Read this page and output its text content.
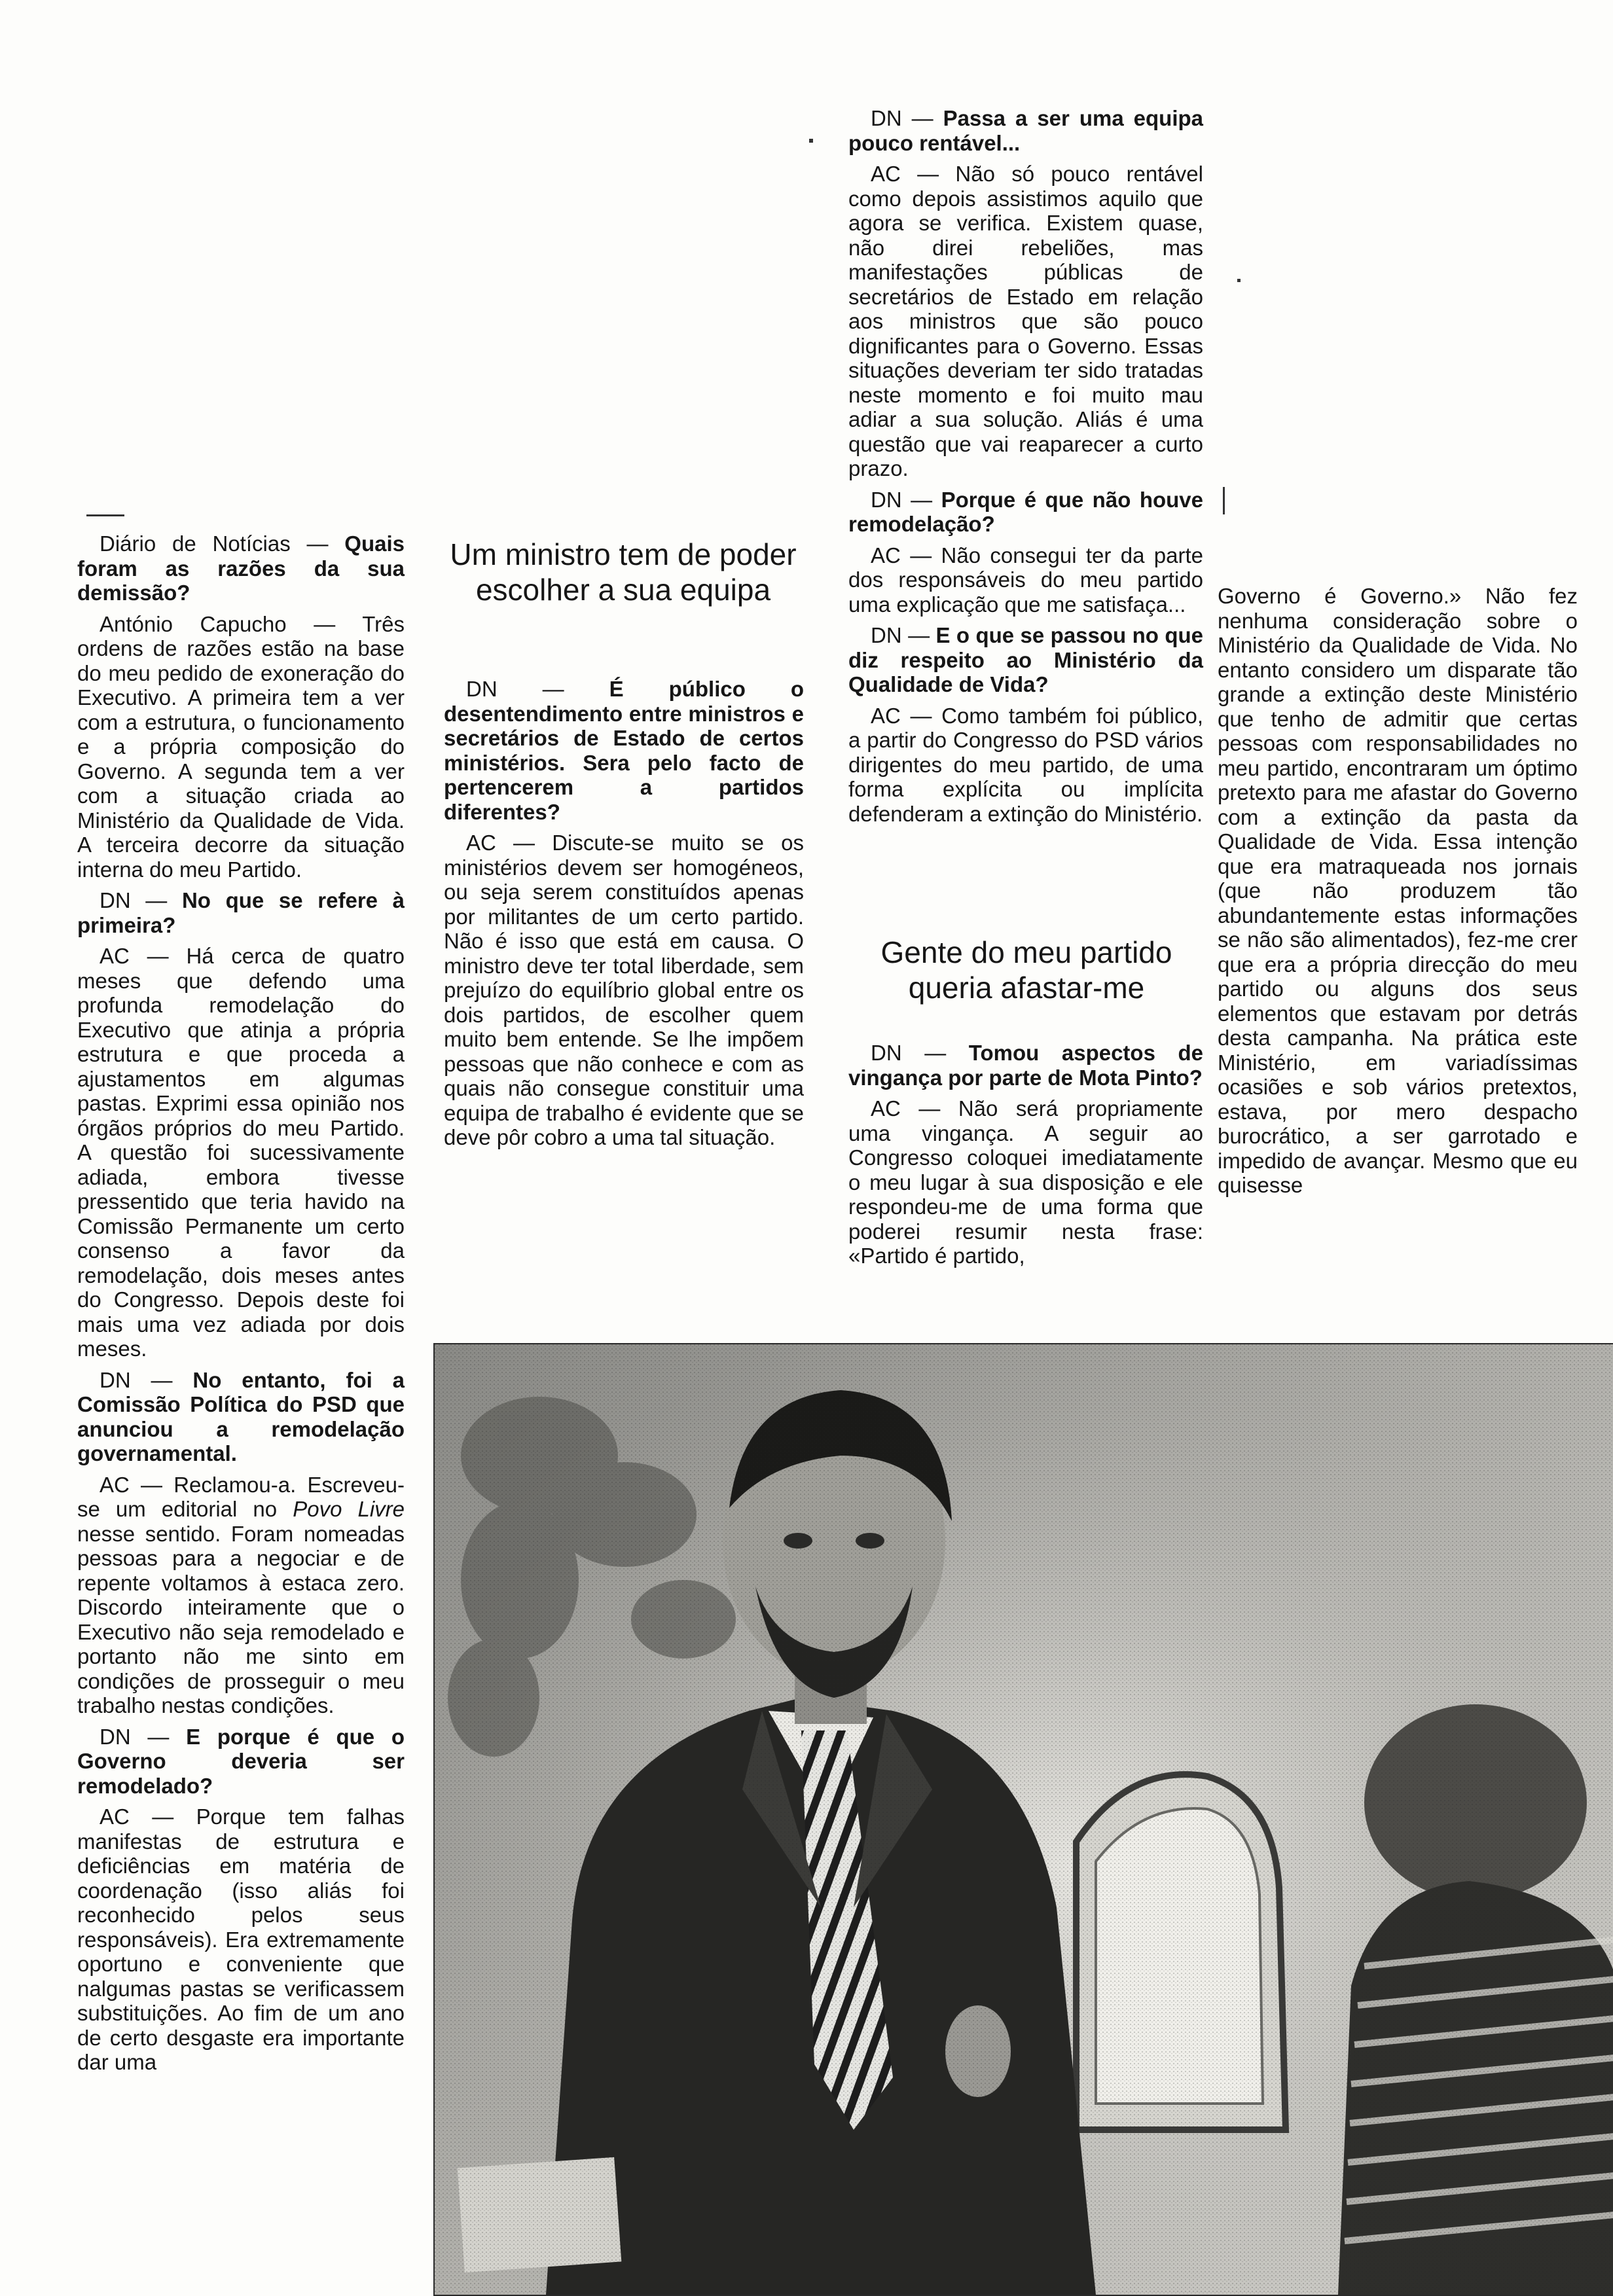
Diário de Notícias — Quais foram as razões da sua demissão?

António Capucho — Três ordens de razões estão na base do meu pedido de exoneração do Executivo. A primeira tem a ver com a estrutura, o funcionamento e a própria composição do Governo. A segunda tem a ver com a situação criada ao Ministério da Qualidade de Vida. A terceira decorre da situação interna do meu Partido.

DN — No que se refere à primeira?

AC — Há cerca de quatro meses que defendo uma profunda remodelação do Executivo que atinja a própria estrutura e que proceda a ajustamentos em algumas pastas. Exprimi essa opinião nos órgãos próprios do meu Partido. A questão foi sucessivamente adiada, embora tivesse pressentido que teria havido na Comissão Permanente um certo consenso a favor da remodelação, dois meses antes do Congresso. Depois deste foi mais uma vez adiada por dois meses.

DN — No entanto, foi a Comissão Política do PSD que anunciou a remodelação governamental.

AC — Reclamou-a. Escreveu-se um editorial no Povo Livre nesse sentido. Foram nomeadas pessoas para a negociar e de repente voltamos à estaca zero. Discordo inteiramente que o Executivo não seja remodelado e portanto não me sinto em condições de prosseguir o meu trabalho nestas condições.

DN — E porque é que o Governo deveria ser remodelado?

AC — Porque tem falhas manifestas de estrutura e deficiências em matéria de coordenação (isso aliás foi reconhecido pelos seus responsáveis). Era extremamente oportuno e conveniente que nalgumas pastas se verificassem substituições. Ao fim de um ano de certo desgaste era importante dar uma

Um ministro tem de poder escolher a sua equipa

DN — É público o desentendimento entre ministros e secretários de Estado de certos ministérios. Sera pelo facto de pertencerem a partidos diferentes?

AC — Discute-se muito se os ministérios devem ser homogéneos, ou seja serem constituídos apenas por militantes de um certo partido. Não é isso que está em causa. O ministro deve ter total liberdade, sem prejuízo do equilíbrio global entre os dois partidos, de escolher quem muito bem entende. Se lhe impõem pessoas que não conhece e com as quais não consegue constituir uma equipa de trabalho é evidente que se deve pôr cobro a uma tal situação.

DN — Passa a ser uma equipa pouco rentável...

AC — Não só pouco rentável como depois assistimos aquilo que agora se verifica. Existem quase, não direi rebeliões, mas manifestações públicas de secretários de Estado em relação aos ministros que são pouco dignificantes para o Governo. Essas situações deveriam ter sido tratadas neste momento e foi muito mau adiar a sua solução. Aliás é uma questão que vai reaparecer a curto prazo.

DN — Porque é que não houve remodelação?

AC — Não consegui ter da parte dos responsáveis do meu partido uma explicação que me satisfaça...

DN — E o que se passou no que diz respeito ao Ministério da Qualidade de Vida?

AC — Como também foi público, a partir do Congresso do PSD vários dirigentes do meu partido, de uma forma explícita ou implícita defenderam a extinção do Ministério.

Gente do meu partido queria afastar-me

DN — Tomou aspectos de vingança por parte de Mota Pinto?

AC — Não será propriamente uma vingança. A seguir ao Congresso coloquei imediatamente o meu lugar à sua disposição e ele respondeu-me de uma forma que poderei resumir nesta frase: «Partido é partido,

Governo é Governo.» Não fez nenhuma consideração sobre o Ministério da Qualidade de Vida. No entanto considero um disparate tão grande a extinção deste Ministério que tenho de admitir que certas pessoas com responsabilidades no meu partido, encontraram um óptimo pretexto para me afastar do Governo com a extinção da pasta da Qualidade de Vida. Essa intenção que era matraqueada nos jornais (que não produzem tão abundantemente estas informações se não são alimentados), fez-me crer que era a própria direcção do meu partido ou alguns dos seus elementos que estavam por detrás desta campanha. Na prática este Ministério, em variadíssimas ocasiões e sob vários pretextos, estava, por mero despacho burocrático, a ser garrotado e impedido de avançar. Mesmo que eu quisesse
